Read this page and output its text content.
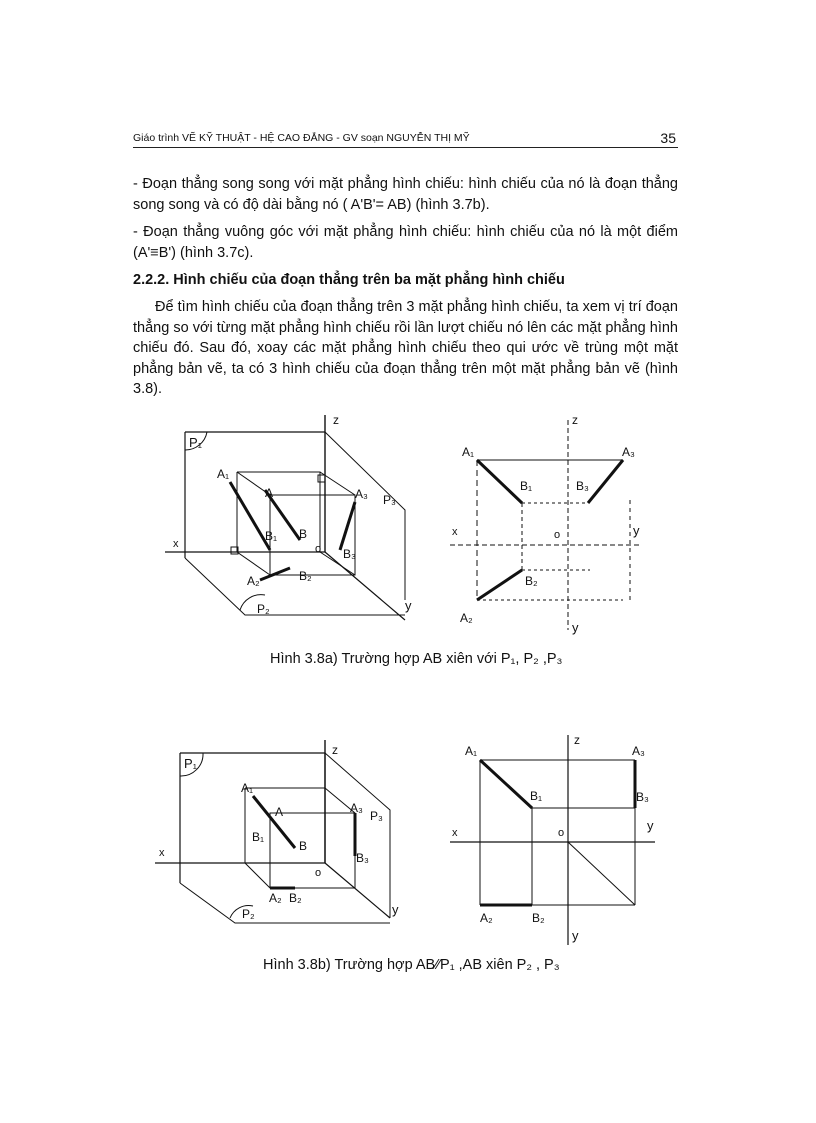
Giáo trình VẼ KỸ THUẬT - HỆ CAO ĐẲNG - GV soạn NGUYỄN THỊ MỸ	35

- Đoạn thẳng song song với mặt phẳng hình chiếu: hình chiếu của nó là đoạn thẳng song song và có độ dài bằng nó ( A'B'= AB) (hình 3.7b).

- Đoạn thẳng vuông góc với mặt phẳng hình chiếu: hình chiếu của nó là một điểm (A'≡B') (hình 3.7c).

2.2.2. Hình chiếu của đoạn thẳng trên ba mặt phẳng hình chiếu

Để tìm hình chiếu của đoạn thẳng trên 3 mặt phẳng hình chiếu, ta xem vị trí đoạn thẳng so với từng mặt phẳng hình chiếu rồi lần lượt chiếu nó lên các mặt phẳng hình chiếu đó. Sau đó, xoay các mặt phẳng hình chiếu theo qui ước về trùng một mặt phẳng bản vẽ, ta có 3 hình chiếu của đoạn thẳng trên một mặt phẳng bản vẽ (hình 3.8).

P₁
A₁
A	A₃ P₃
B₁ B
o B₃
A₂	B₂
P₂
x
z
y
A₁	A₃
B₁	B₃
o
B₂
A₂
x
z
y
y

Hình 3.8a) Trường hợp AB xiên với P₁, P₂ ,P₃

P₁
A₁
A	A₃
P₃
B₁
B
B₃
o
A₂ B₂
P₂
x
z
y
A₁	A₃
B₁	B₃
o
x
z
y
y
A₂	B₂

Hình 3.8b) Trường hợp AB∕∕P₁ ,AB xiên P₂ , P₃
